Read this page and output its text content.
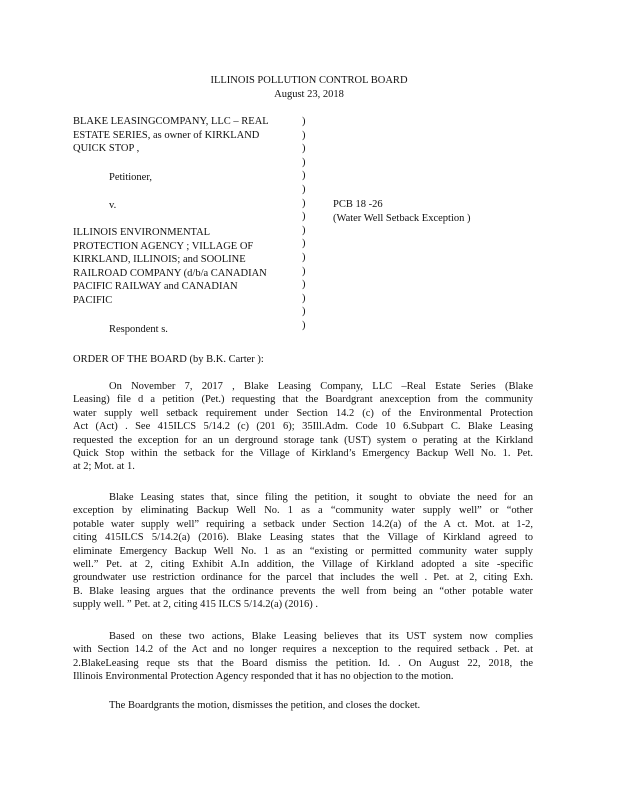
ILLINOIS POLLUTION CONTROL BOARD
August 23, 2018
BLAKE LEASINGCOMPANY, LLC – REAL
ESTATE SERIES, as owner of KIRKLAND
QUICK STOP ,
Petitioner,
v.
ILLINOIS ENVIRONMENTAL
PROTECTION AGENCY ; VILLAGE OF
KIRKLAND, ILLINOIS; and SOOLINE
RAILROAD COMPANY (d/b/a CANADIAN
PACIFIC RAILWAY and CANADIAN
PACIFIC
Respondent s.
)
)
)
)
)
)
)
)
)
)
)
)
)
)
)
)
PCB 18 -26
(Water Well Setback Exception )
ORDER OF THE BOARD (by B.K. Carter ):
On November 7, 2017 , Blake Leasing Company, LLC –Real Estate Series (Blake
Leasing) file d a petition (Pet.) requesting that the Boardgrant anexception from the community
water supply well setback requirement under Section 14.2 (c) of the Environmental Protection
Act (Act) . See 415ILCS 5/14.2 (c) (201 6); 35Ill.Adm. Code 10 6.Subpart C. Blake Leasing
requested the exception for an un derground storage tank (UST) system o perating at the Kirkland
Quick Stop within the setback for the Village of Kirkland’s Emergency Backup Well No. 1. Pet.
at 2; Mot. at 1.
Blake Leasing states that, since filing the petition, it sought to obviate the need for an
exception by eliminating Backup Well No. 1 as a “community water supply well” or “other
potable water supply well” requiring a setback under Section 14.2(a) of the A ct. Mot. at 1-2,
citing 415ILCS 5/14.2(a) (2016). Blake Leasing states that the Village of Kirkland agreed to
eliminate Emergency Backup Well No. 1 as an “existing or permitted community water supply
well.” Pet. at 2, citing Exhibit A.In addition, the Village of Kirkland adopted a site -specific
groundwater use restriction ordinance for the parcel that includes the well . Pet. at 2, citing Exh.
B. Blake leasing argues that the ordinance prevents the well from being an “other potable water
supply well. ” Pet. at 2, citing 415 ILCS 5/14.2(a) (2016) .
Based on these two actions, Blake Leasing believes that its UST system now complies
with Section 14.2 of the Act and no longer requires a nexception to the required setback . Pet. at
2.BlakeLeasing reque sts that the Board dismiss the petition. Id. . On August 22, 2018, the
Illinois Environmental Protection Agency responded that it has no objection to the motion.
The Boardgrants the motion, dismisses the petition, and closes the docket.
